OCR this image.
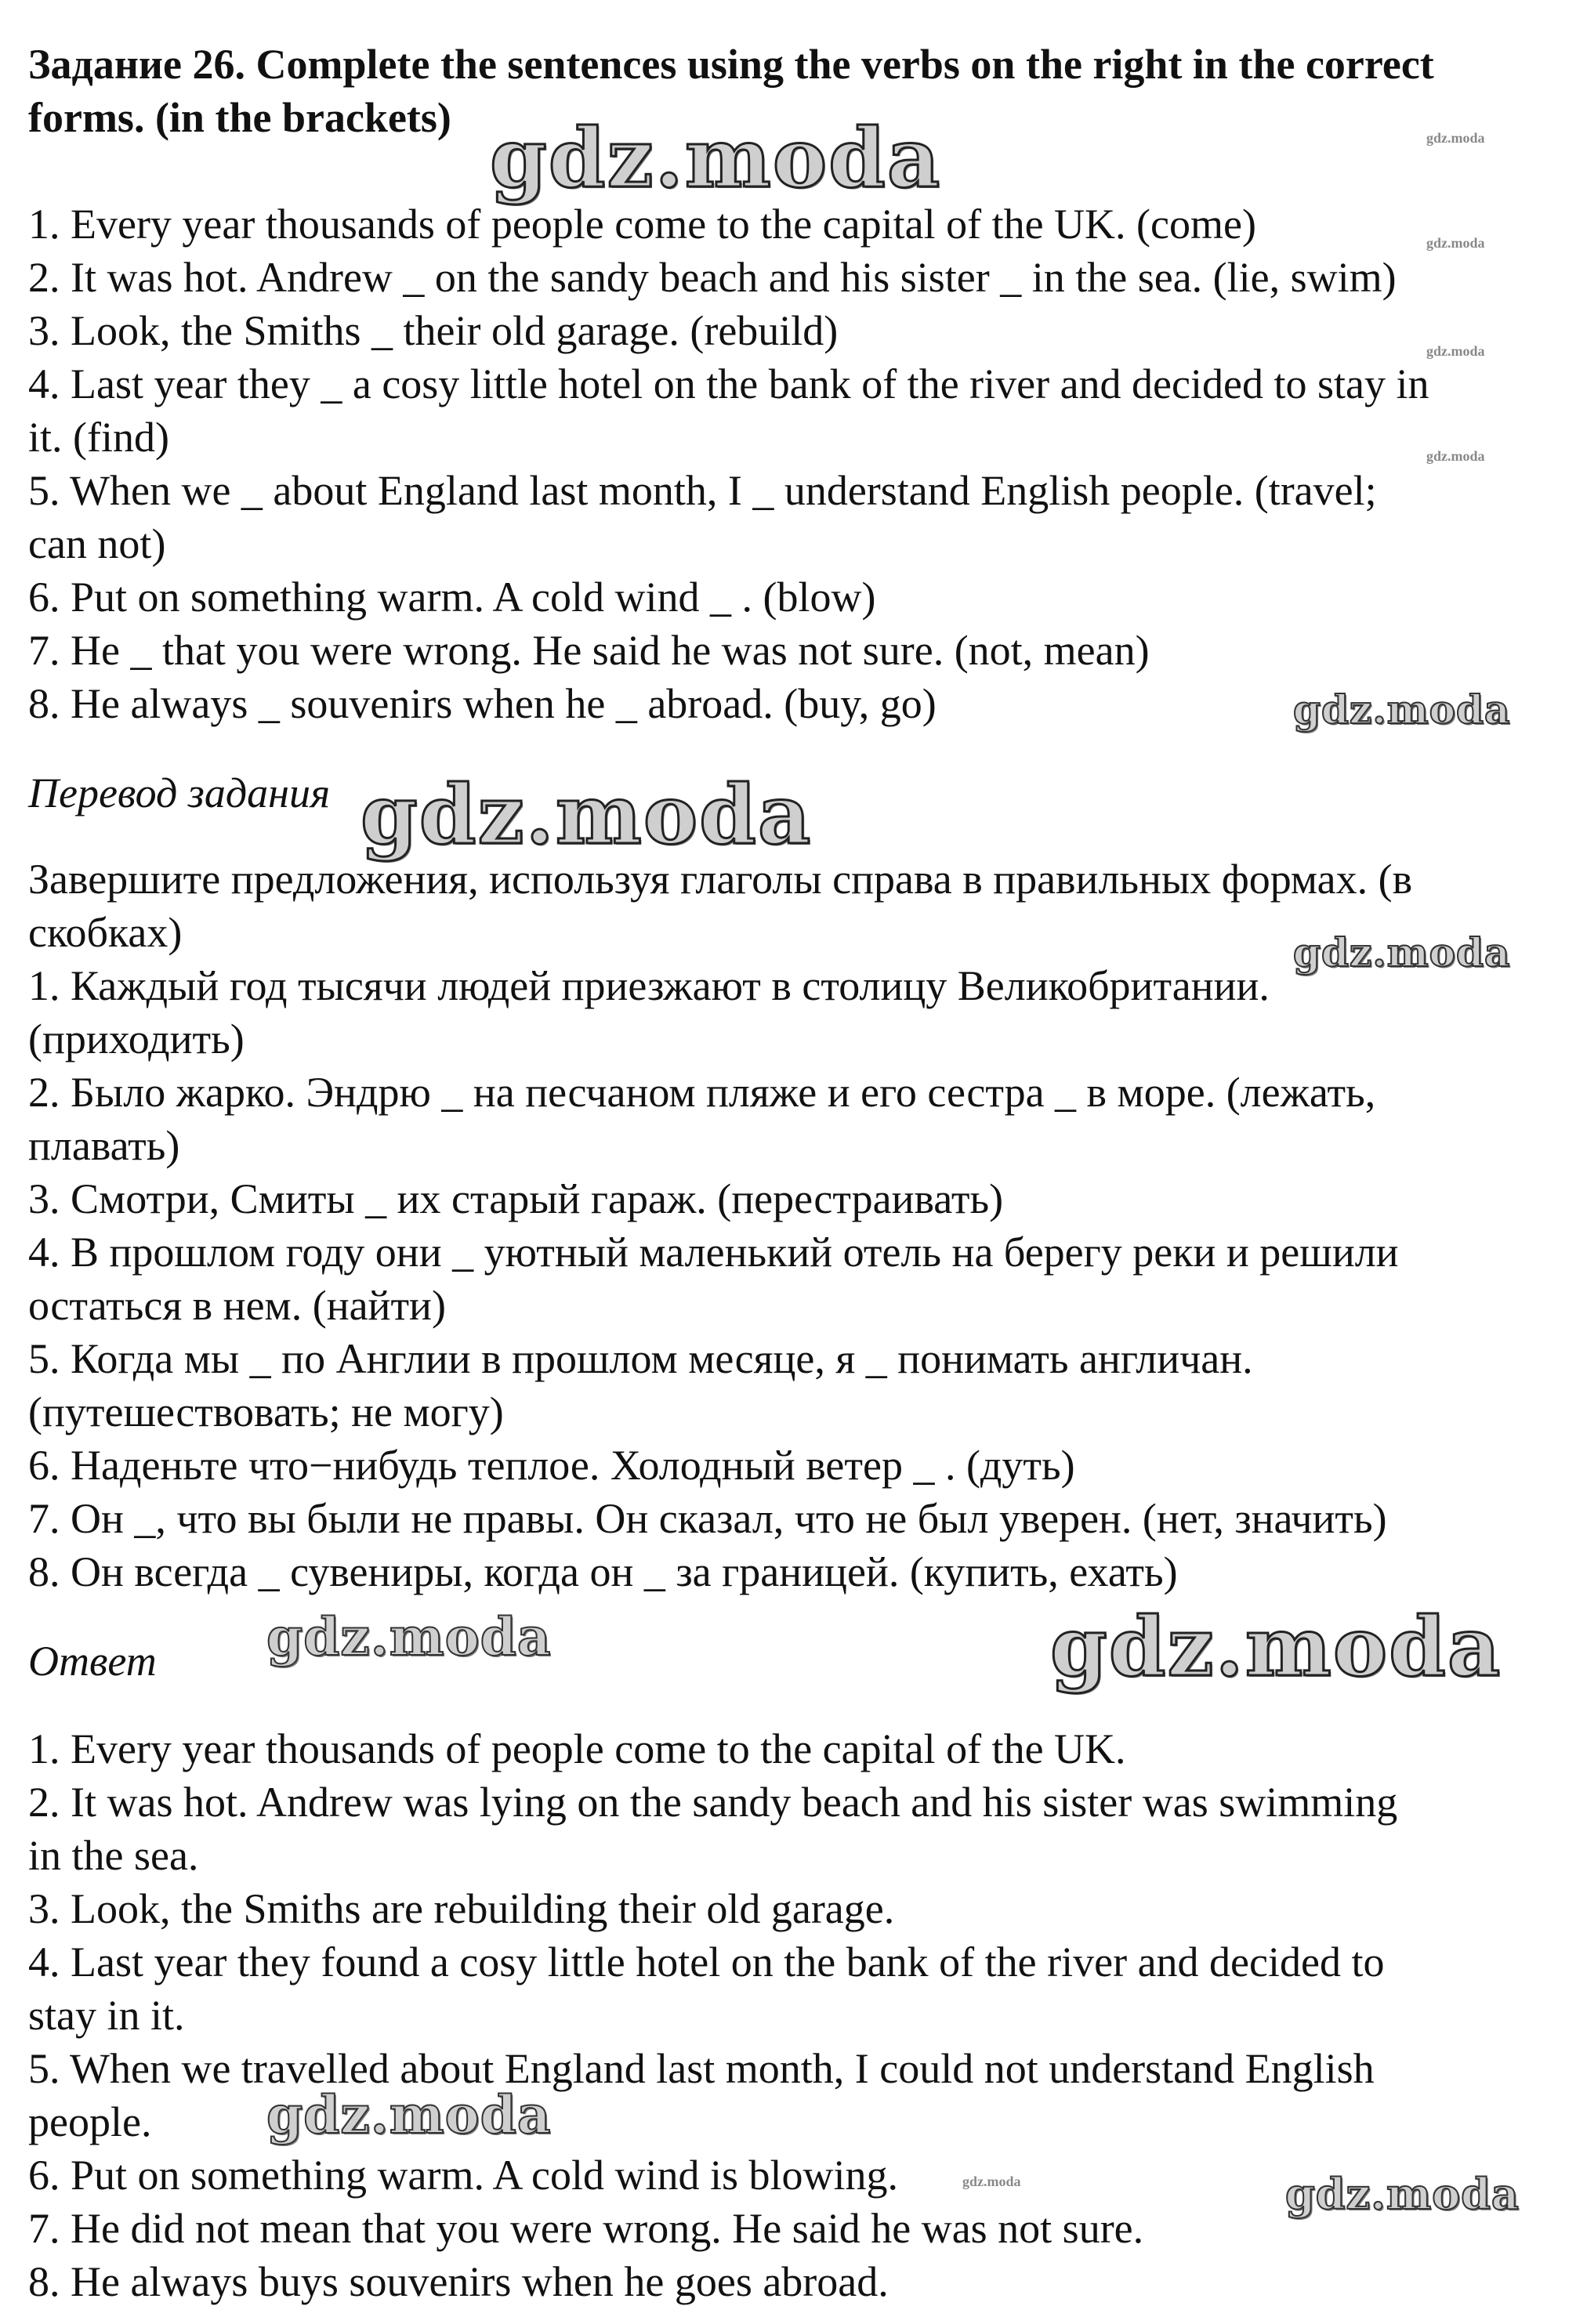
Задание 26. Complete the sentences using the verbs on the right in the correct
forms. (in the brackets)
1. Every year thousands of people come to the capital of the UK. (come)
2. It was hot. Andrew _ on the sandy beach and his sister _ in the sea. (lie, swim)
3. Look, the Smiths _ their old garage. (rebuild)
4. Last year they _ a cosy little hotel on the bank of the river and decided to stay in
it. (find)
5. When we _ about England last month, I _ understand English people. (travel;
can not)
6. Put on something warm. A cold wind _ . (blow)
7. He _ that you were wrong. He said he was not sure. (not, mean)
8. He always _ souvenirs when he _ abroad. (buy, go)
Перевод задания
Завершите предложения, используя глаголы справа в правильных формах. (в
скобках)
1. Каждый год тысячи людей приезжают в столицу Великобритании.
(приходить)
2. Было жарко. Эндрю _ на песчаном пляже и его сестра _ в море. (лежать,
плавать)
3. Смотри, Смиты _ их старый гараж. (перестраивать)
4. В прошлом году они _ уютный маленький отель на берегу реки и решили
остаться в нем. (найти)
5. Когда мы _ по Англии в прошлом месяце, я _ понимать англичан.
(путешествовать; не могу)
6. Наденьте что−нибудь теплое. Холодный ветер _ . (дуть)
7. Он _, что вы были не правы. Он сказал, что не был уверен. (нет, значить)
8. Он всегда _ сувениры, когда он _ за границей. (купить, ехать)
Ответ
1. Every year thousands of people come to the capital of the UK.
2. It was hot. Andrew was lying on the sandy beach and his sister was swimming
in the sea.
3. Look, the Smiths are rebuilding their old garage.
4. Last year they found a cosy little hotel on the bank of the river and decided to
stay in it.
5. When we travelled about England last month, I could not understand English
people.
6. Put on something warm. A cold wind is blowing.
7. He did not mean that you were wrong. He said he was not sure.
8. He always buys souvenirs when he goes abroad.
gdz.moda	gdz.moda
gdz.moda
gdz.moda
gdz.moda
gdz.moda
gdz.moda
gdz.moda
gdz.moda	gdz.moda
gdz.moda
gdz.moda	gdz.moda
